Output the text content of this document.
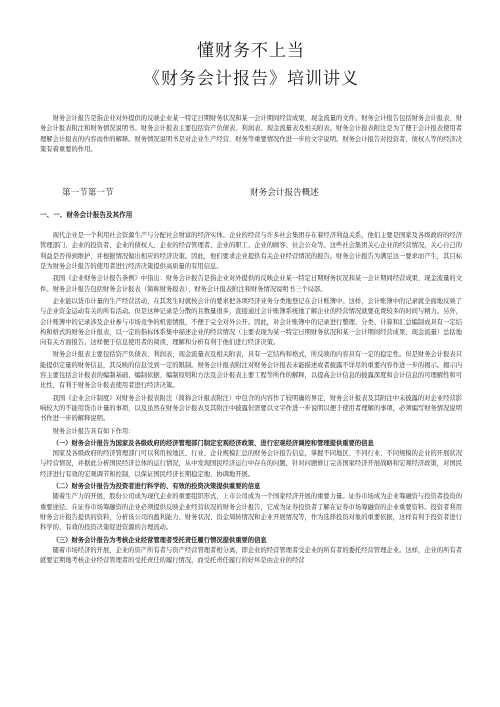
懂财务不上当
《财务会计报告》培训讲义

财务会计报告是指企业对外提供的反映企业某一特定日期财务状况和某一会计期间经营成果、现金流量的文件。财务会计报告包括财务会计报表、财务会计报表附注和财务情况说明书。财务会计报表主要包括资产负债表、利润表、现金流量表及相关附表。财务会计报表附注是为了便于会计报表使用者理解会计报表的内容而作的解释。财务情况说明书是对企业生产经营、财务等重要情况作进一步的文字说明。财务会计报告对投资者、债权人等的经济决策有着重要的作用。

第一节第一节	财务会计报告概述
一、一、财务会计报告及其作用

现代企业是一个利用社会资源生产与分配社会财富的经济实体。企业的经营与许多社会集团存在着经济利益关系，他们主要是国家及各级政府的经济管理部门、企业的投资者、企业的债权人、企业的经营管理者、企业的职工、企业的顾客、社会公众等。这些社会集团关心企业的经营情况，关心自己的利益是否得到维护，并根据情况做出相应的经济决策。因此，他们要求企业提供有关企业经营情况的报告。财务会计报告为满足这一要求而产生，其目标是为财务会计报告的使用者进行经济决策提供高质量的有用信息。

我国《企业财务会计报告条例》中指出：财务会计报告是指企业对外提供的反映企业某一特定日期财务状况和某一会计期间经营成果、现金流量的文件。财务会计报告包括财务会计报表（简称财务报表）、财务会计报表附注和财务情况说明书三个局部。

企业能以货币计量的生产经营活动，在其发生时就按会计的要求把各项经济业务分类地登记在会计账簿中。这样，会计账簿中的记录就全面地反映了与企业资金运动有关的所有活动。但是这种记录是分散的且数量很多，直接通过会计账簿系统地了解企业的经营情况就要花费较多的时间与精力。另外，会计账簿中的记录涉及企业参与市场竞争的机密情报，不便于完全对外公开。因此，对会计账簿中的记录进行整理、分类、计算和汇总编制成具有一定结构和格式的财务会计报表，以一定的指标体系集中描述企业的经营情况（主要表现为某一特定日期财务状况和某一会计期间经营成果、现金流量）总括地向有关方面报告。这样便于信息使用者的阅读、理解和分析有利于他们进行经济决策。

财务会计报表主要包括资产负债表、利润表、现金流量表及相关附表，具有一定结构和格式，所反映的内容具有一定的稳定性。但是财务会计报表只能提供定量的财务信息，其反映的信息受到一定的限制。财务会计报表附注对财务会计报表未能描述或者披露不详尽的重要内容作进一步的揭示。揭示内容主要包括会计报表的编制基础、编制依据、编制原则和方法及会计报表主要工程等所作的解释，以提高会计信息的披露深度和会计信息的可理解性和可比性，有利于财务会计报表使用者进行经济决策。

我国《企业会计制度》对财务会计报表附注（简称会计报表附注）中包含的内容作了较明确的界定，财务会计报表及其附注中未披露的对企业经营影响较大的不能用货币计量的事项，以及虽然在财务会计报表及其附注中披露但需要以文字作进一步说明以便于使用者理解的事项，必须编写财务情况说明书作进一步的解释说明。

财务会计报告具有如下作用：

（一）财务会计报告为国家及各级政府的经济管理部门制定宏观经济政策、进行宏观经济调控和管理提供重要的信息

国家及各级政府的经济管理部门可以利用按地区、行业、企业规模汇总的财务会计报告信息，掌握不同地区、不同行业、不同规模的企业的开展状况与经营情况，并据此分析国民经济总体的运行情况，从中发现国民经济运行中存在的问题，针对问题修订完善国家经济开展战略和宏观经济政策，对国民经济进行有效的宏观调节和控制，以保证国民经济长期稳定地、协调地开展。

（二）财务会计报告为投资者进行科学的、有效的投资决策提供重要的信息

随着生产力的开展，股份公司成为现代企业的重要组织形式，上市公司成为一个国家经济开展的重要力量。证券市场成为企业筹融资与投资者投资的重要途径。在证券市场筹融资的企业必须提供反映企业经营状况的财务会计报告，它成为证券投资者了解在证券市场筹融资的企业重要资料。投资者利用财务会计报告提供的资料，分析该公司的盈利能力、财务状况、资金周转情况和企业开展情况等，作为选择投资对象的重要依据，这样有利于投资者进行科学的、有效的投资决策促进资源的合理流动。

（三）财务会计报告为考核企业经营管理者受托责任履行情况提供重要的信息

随着市场经济的开展，企业的资产所有者与资产经营管理者相分离，即企业的经营管理者受企业的所有者的委托经营管理企业。这样，企业的所有者就要定期地考核企业经营管理者的受托责任的履行情况，而受托责任履行的好坏是由企业的经营
